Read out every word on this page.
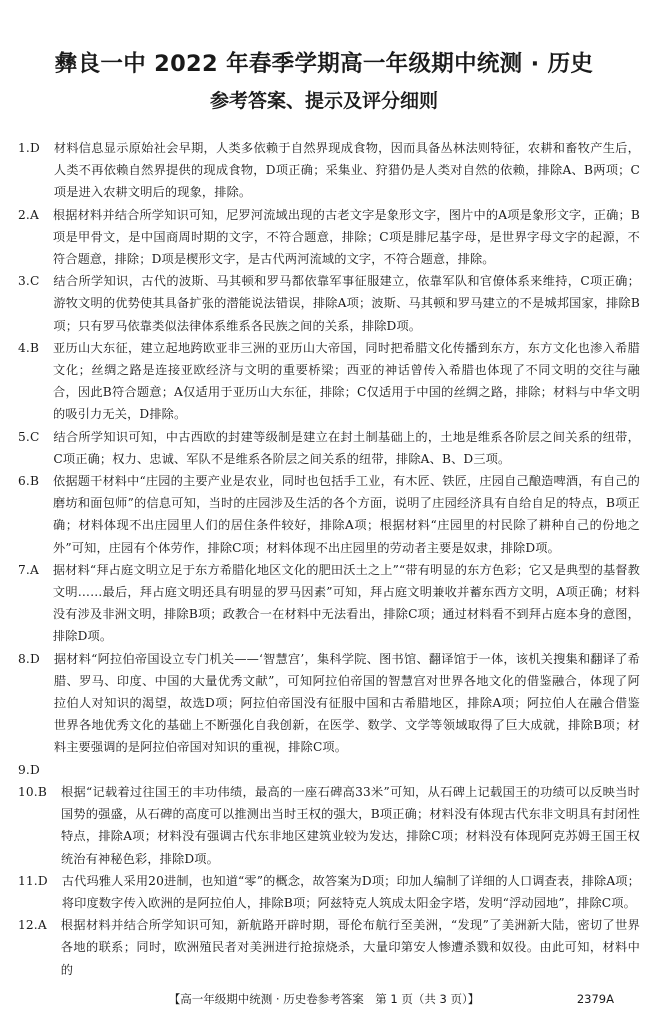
彝良一中 2022 年春季学期高一年级期中统测 · 历史
参考答案、提示及评分细则
1.D	材料信息显示原始社会早期，人类多依赖于自然界现成食物，因而具备丛林法则特征，农耕和畜牧产生后，人类不再依赖自然界提供的现成食物，D项正确；采集业、狩猎仍是人类对自然的依赖，排除A、B两项；C项是进入农耕文明后的现象，排除。
2.A	根据材料并结合所学知识可知，尼罗河流域出现的古老文字是象形文字，图片中的A项是象形文字，正确；B项是甲骨文，是中国商周时期的文字，不符合题意，排除；C项是腓尼基字母，是世界字母文字的起源，不符合题意，排除；D项是楔形文字，是古代两河流域的文字，不符合题意，排除。
3.C	结合所学知识，古代的波斯、马其顿和罗马都依靠军事征服建立，依靠军队和官僚体系来维持，C项正确；游牧文明的优势使其具备扩张的潜能说法错误，排除A项；波斯、马其顿和罗马建立的不是城邦国家，排除B项；只有罗马依靠类似法律体系维系各民族之间的关系，排除D项。
4.B	亚历山大东征，建立起地跨欧亚非三洲的亚历山大帝国，同时把希腊文化传播到东方，东方文化也渗入希腊文化；丝绸之路是连接亚欧经济与文明的重要桥梁；西亚的神话曾传入希腊也体现了不同文明的交往与融合，因此B符合题意；A仅适用于亚历山大东征，排除；C仅适用于中国的丝绸之路，排除；材料与中华文明的吸引力无关，D排除。
5.C	结合所学知识可知，中古西欧的封建等级制是建立在封土制基础上的，土地是维系各阶层之间关系的纽带，C项正确；权力、忠诚、军队不是维系各阶层之间关系的纽带，排除A、B、D三项。
6.B	依据题干材料中“庄园的主要产业是农业，同时也包括手工业，有木匠、铁匠，庄园自己酿造啤酒，有自己的磨坊和面包师”的信息可知，当时的庄园涉及生活的各个方面，说明了庄园经济具有自给自足的特点，B项正确；材料体现不出庄园里人们的居住条件较好，排除A项；根据材料“庄园里的村民除了耕种自己的份地之外”可知，庄园有个体劳作，排除C项；材料体现不出庄园里的劳动者主要是奴隶，排除D项。
7.A	据材料“拜占庭文明立足于东方希腊化地区文化的肥田沃土之上”“带有明显的东方色彩；它又是典型的基督教文明……最后，拜占庭文明还具有明显的罗马因素”可知，拜占庭文明兼收并蓄东西方文明，A项正确；材料没有涉及非洲文明，排除B项；政教合一在材料中无法看出，排除C项；通过材料看不到拜占庭本身的意图，排除D项。
8.D	据材料“阿拉伯帝国设立专门机关——‘智慧宫’，集科学院、图书馆、翻译馆于一体，该机关搜集和翻译了希腊、罗马、印度、中国的大量优秀文献”，可知阿拉伯帝国的智慧宫对世界各地文化的借鉴融合，体现了阿拉伯人对知识的渴望，故选D项；阿拉伯帝国没有征服中国和古希腊地区，排除A项；阿拉伯人在融合借鉴世界各地优秀文化的基础上不断强化自我创新，在医学、数学、文学等领域取得了巨大成就，排除B项；材料主要强调的是阿拉伯帝国对知识的重视，排除C项。
9.D
10.B	根据“记载着过往国王的丰功伟绩，最高的一座石碑高33米”可知，从石碑上记载国王的功绩可以反映当时国势的强盛，从石碑的高度可以推测出当时王权的强大，B项正确；材料没有体现古代东非文明具有封闭性特点，排除A项；材料没有强调古代东非地区建筑业较为发达，排除C项；材料没有体现阿克苏姆王国王权统治有神秘色彩，排除D项。
11.D	古代玛雅人采用20进制，也知道“零”的概念，故答案为D项；印加人编制了详细的人口调查表，排除A项；将印度数字传入欧洲的是阿拉伯人，排除B项；阿兹特克人筑成太阳金字塔，发明“浮动园地”，排除C项。
12.A	根据材料并结合所学知识可知，新航路开辟时期，哥伦布航行至美洲，“发现”了美洲新大陆，密切了世界各地的联系；同时，欧洲殖民者对美洲进行抢掠烧杀，大量印第安人惨遭杀戮和奴役。由此可知，材料中的
【高一年级期中统测 · 历史卷参考答案　第 1 页（共 3 页）】	2379A
